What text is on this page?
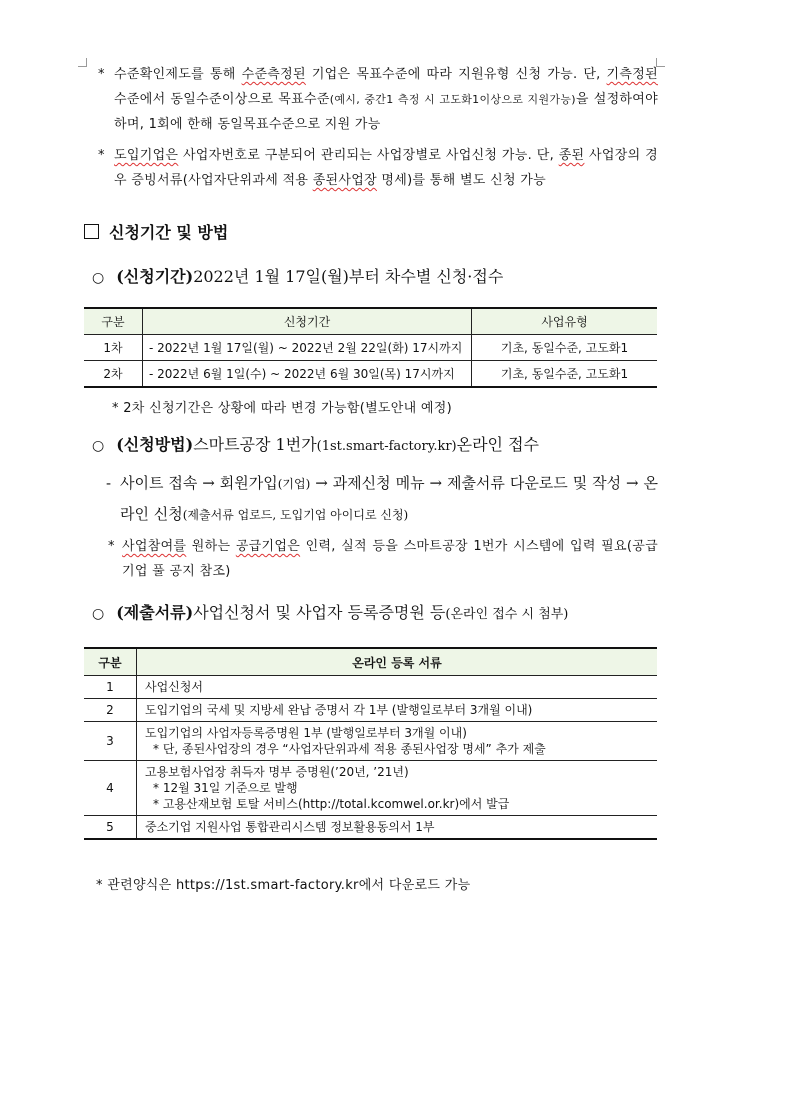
* 수준확인제도를 통해 수준측정된 기업은 목표수준에 따라 지원유형 신청 가능. 단, 기측정된 수준에서 동일수준이상으로 목표수준(예시, 중간1 측정 시 고도화1이상으로 지원가능)을 설정하여야 하며, 1회에 한해 동일목표수준으로 지원 가능
* 도입기업은 사업자번호로 구분되어 관리되는 사업장별로 사업신청 가능. 단, 종된 사업장의 경우 증빙서류(사업자단위과세 적용 종된사업장 명세)를 통해 별도 신청 가능
신청기간 및 방법
○ (신청기간) 2022년 1월 17일(월)부터 차수별 신청·접수
구분	신청기간	사업유형
1차	- 2022년 1월 17일(월) ~ 2022년 2월 22일(화) 17시까지	기초, 동일수준, 고도화1
2차	- 2022년 6월 1일(수) ~ 2022년 6월 30일(목) 17시까지	기초, 동일수준, 고도화1
* 2차 신청기간은 상황에 따라 변경 가능함(별도안내 예정)
○ (신청방법) 스마트공장 1번가 (1st.smart-factory.kr) 온라인 접수
- 사이트 접속 → 회원가입(기업) → 과제신청 메뉴 → 제출서류 다운로드 및 작성 → 온라인 신청(제출서류 업로드, 도입기업 아이디로 신청)
* 사업참여를 원하는 공급기업은 인력, 실적 등을 스마트공장 1번가 시스템에 입력 필요(공급기업 풀 공지 참조)
○ (제출서류) 사업신청서 및 사업자 등록증명원 등 (온라인 접수 시 첨부)
구분	온라인 등록 서류
1	사업신청서

2	도입기업의 국세 및 지방세 완납 증명서 각 1부 (발행일로부터 3개월 이내)

3	도입기업의 사업자등록증명원 1부 (발행일로부터 3개월 이내)
* 단, 종된사업장의 경우 “사업자단위과세 적용 종된사업장 명세” 추가 제출

4	고용보험사업장 취득자 명부 증명원(’20년, ’21년)
* 12월 31일 기준으로 발행
* 고용산재보험 토탈 서비스(http://total.kcomwel.or.kr)에서 발급

5	중소기업 지원사업 통합관리시스템 정보활용동의서 1부
* 관련양식은 https://1st.smart-factory.kr에서 다운로드 가능
